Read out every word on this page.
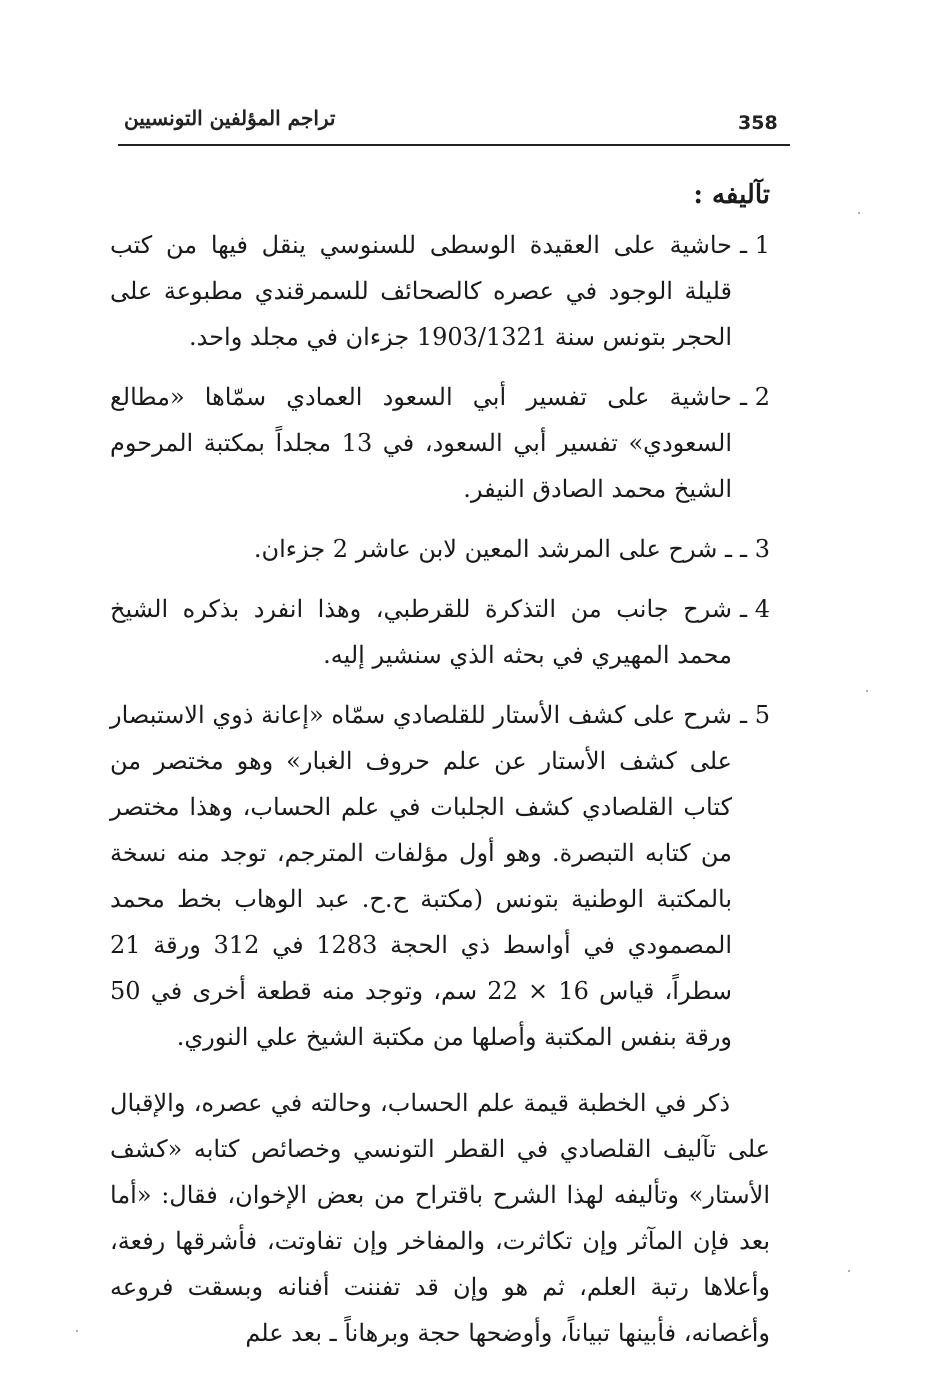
تراجم المؤلفين التونسيين	358
تآليفه :
1 ـ
حاشية على العقيدة الوسطى للسنوسي ينقل فيها من كتب قليلة الوجود في عصره كالصحائف للسمرقندي مطبوعة على الحجر بتونس سنة 1903/1321 جزءان في مجلد واحد.
2 ـ
حاشية على تفسير أبي السعود العمادي سمّاها «مطالع السعودي» تفسير أبي السعود، في 13 مجلداً بمكتبة المرحوم الشيخ محمد الصادق النيفر.
3 ـ
ـ شرح على المرشد المعين لابن عاشر 2 جزءان.
4 ـ
شرح جانب من التذكرة للقرطبي، وهذا انفرد بذكره الشيخ محمد المهيري في بحثه الذي سنشير إليه.
5 ـ
شرح على كشف الأستار للقلصادي سمّاه «إعانة ذوي الاستبصار على كشف الأستار عن علم حروف الغبار» وهو مختصر من كتاب القلصادي كشف الجلبات في علم الحساب، وهذا مختصر من كتابه التبصرة. وهو أول مؤلفات المترجم، توجد منه نسخة بالمكتبة الوطنية بتونس (مكتبة ح.ح. عبد الوهاب بخط محمد المصمودي في أواسط ذي الحجة 1283 في 312 ورقة 21 سطراً، قياس 16 × 22 سم، وتوجد منه قطعة أخرى في 50 ورقة بنفس المكتبة وأصلها من مكتبة الشيخ علي النوري.
ذكر في الخطبة قيمة علم الحساب، وحالته في عصره، والإقبال على تآليف القلصادي في القطر التونسي وخصائص كتابه «كشف الأستار» وتأليفه لهذا الشرح باقتراح من بعض الإخوان، فقال: «أما بعد فإن المآثر وإن تكاثرت، والمفاخر وإن تفاوتت، فأشرقها رفعة، وأعلاها رتبة العلم، ثم هو وإن قد تفننت أفنانه وبسقت فروعه وأغصانه، فأبينها تبياناً، وأوضحها حجة وبرهاناً ـ بعد علم
